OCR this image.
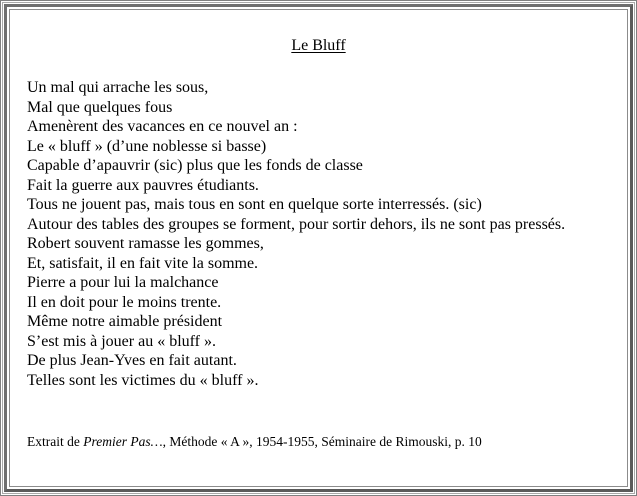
Le Bluff
Un mal qui arrache les sous,
Mal que quelques fous
Amenèrent des vacances en ce nouvel an :
Le « bluff » (d’une noblesse si basse)
Capable d’apauvrir (sic) plus que les fonds de classe
Fait la guerre aux pauvres étudiants.
Tous ne jouent pas, mais tous en sont en quelque sorte interressés. (sic)
Autour des tables des groupes se forment, pour sortir dehors, ils ne sont pas pressés.
Robert souvent ramasse les gommes,
Et, satisfait, il en fait vite la somme.
Pierre a pour lui la malchance
Il en doit pour le moins trente.
Même notre aimable président
S’est mis à jouer au « bluff ».
De plus Jean-Yves en fait autant.
Telles sont les victimes du « bluff ».
Extrait de Premier Pas…, Méthode « A », 1954-1955, Séminaire de Rimouski, p. 10
